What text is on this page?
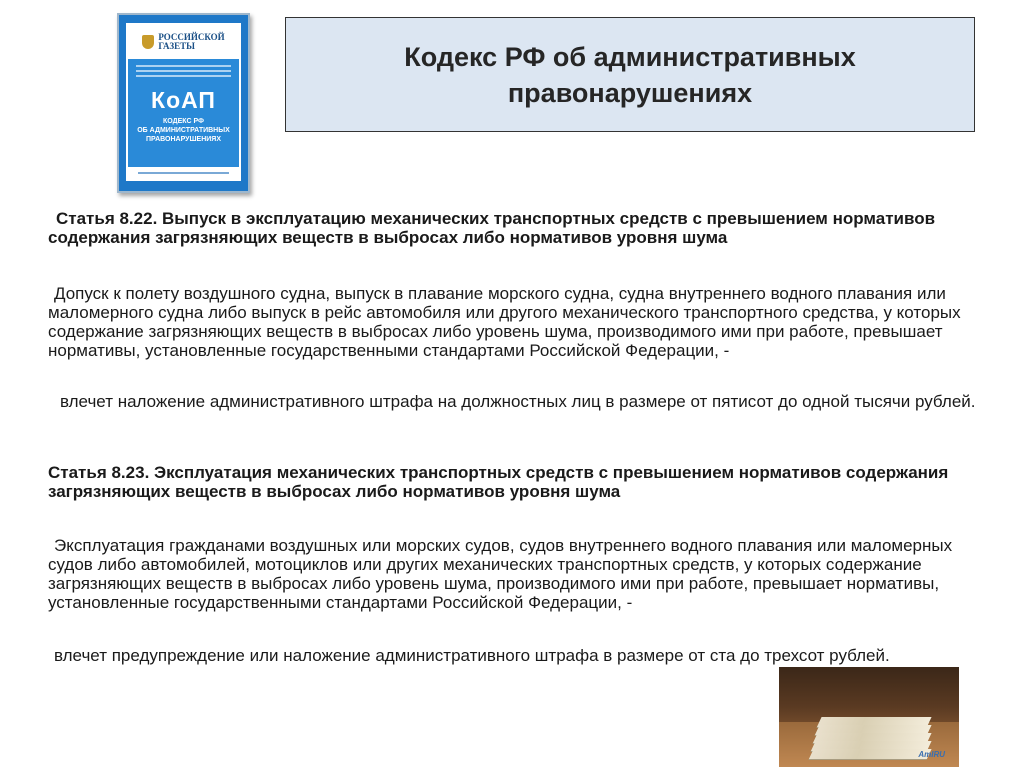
РОССИЙСКОЙ
ГАЗЕТЫ
КоАП
КОДЕКС РФ
ОБ АДМИНИСТРАТИВНЫХ
ПРАВОНАРУШЕНИЯХ
Кодекс РФ об административных правонарушениях

Статья 8.22. Выпуск в эксплуатацию механических транспортных средств с превышением нормативов содержания загрязняющих веществ в выбросах либо нормативов уровня шума

Допуск к полету воздушного судна, выпуск в плавание морского судна, судна внутреннего водного плавания или маломерного судна либо выпуск в рейс автомобиля или другого механического транспортного средства, у которых содержание загрязняющих веществ в выбросах либо уровень шума, производимого ими при работе, превышает нормативы, установленные государственными стандартами Российской Федерации, -

влечет наложение административного штрафа на должностных лиц в размере от пятисот до одной тысячи рублей.

Статья 8.23. Эксплуатация механических транспортных средств с превышением нормативов содержания загрязняющих веществ в выбросах либо нормативов уровня шума

Эксплуатация гражданами воздушных или морских судов, судов внутреннего водного плавания или маломерных судов либо автомобилей, мотоциклов или других механических транспортных средств, у которых содержание загрязняющих веществ в выбросах либо уровень шума, производимого ими при работе, превышает нормативы, установленные государственными стандартами Российской Федерации, -

влечет предупреждение или наложение административного штрафа в размере от ста до трехсот рублей.

AmIRU
